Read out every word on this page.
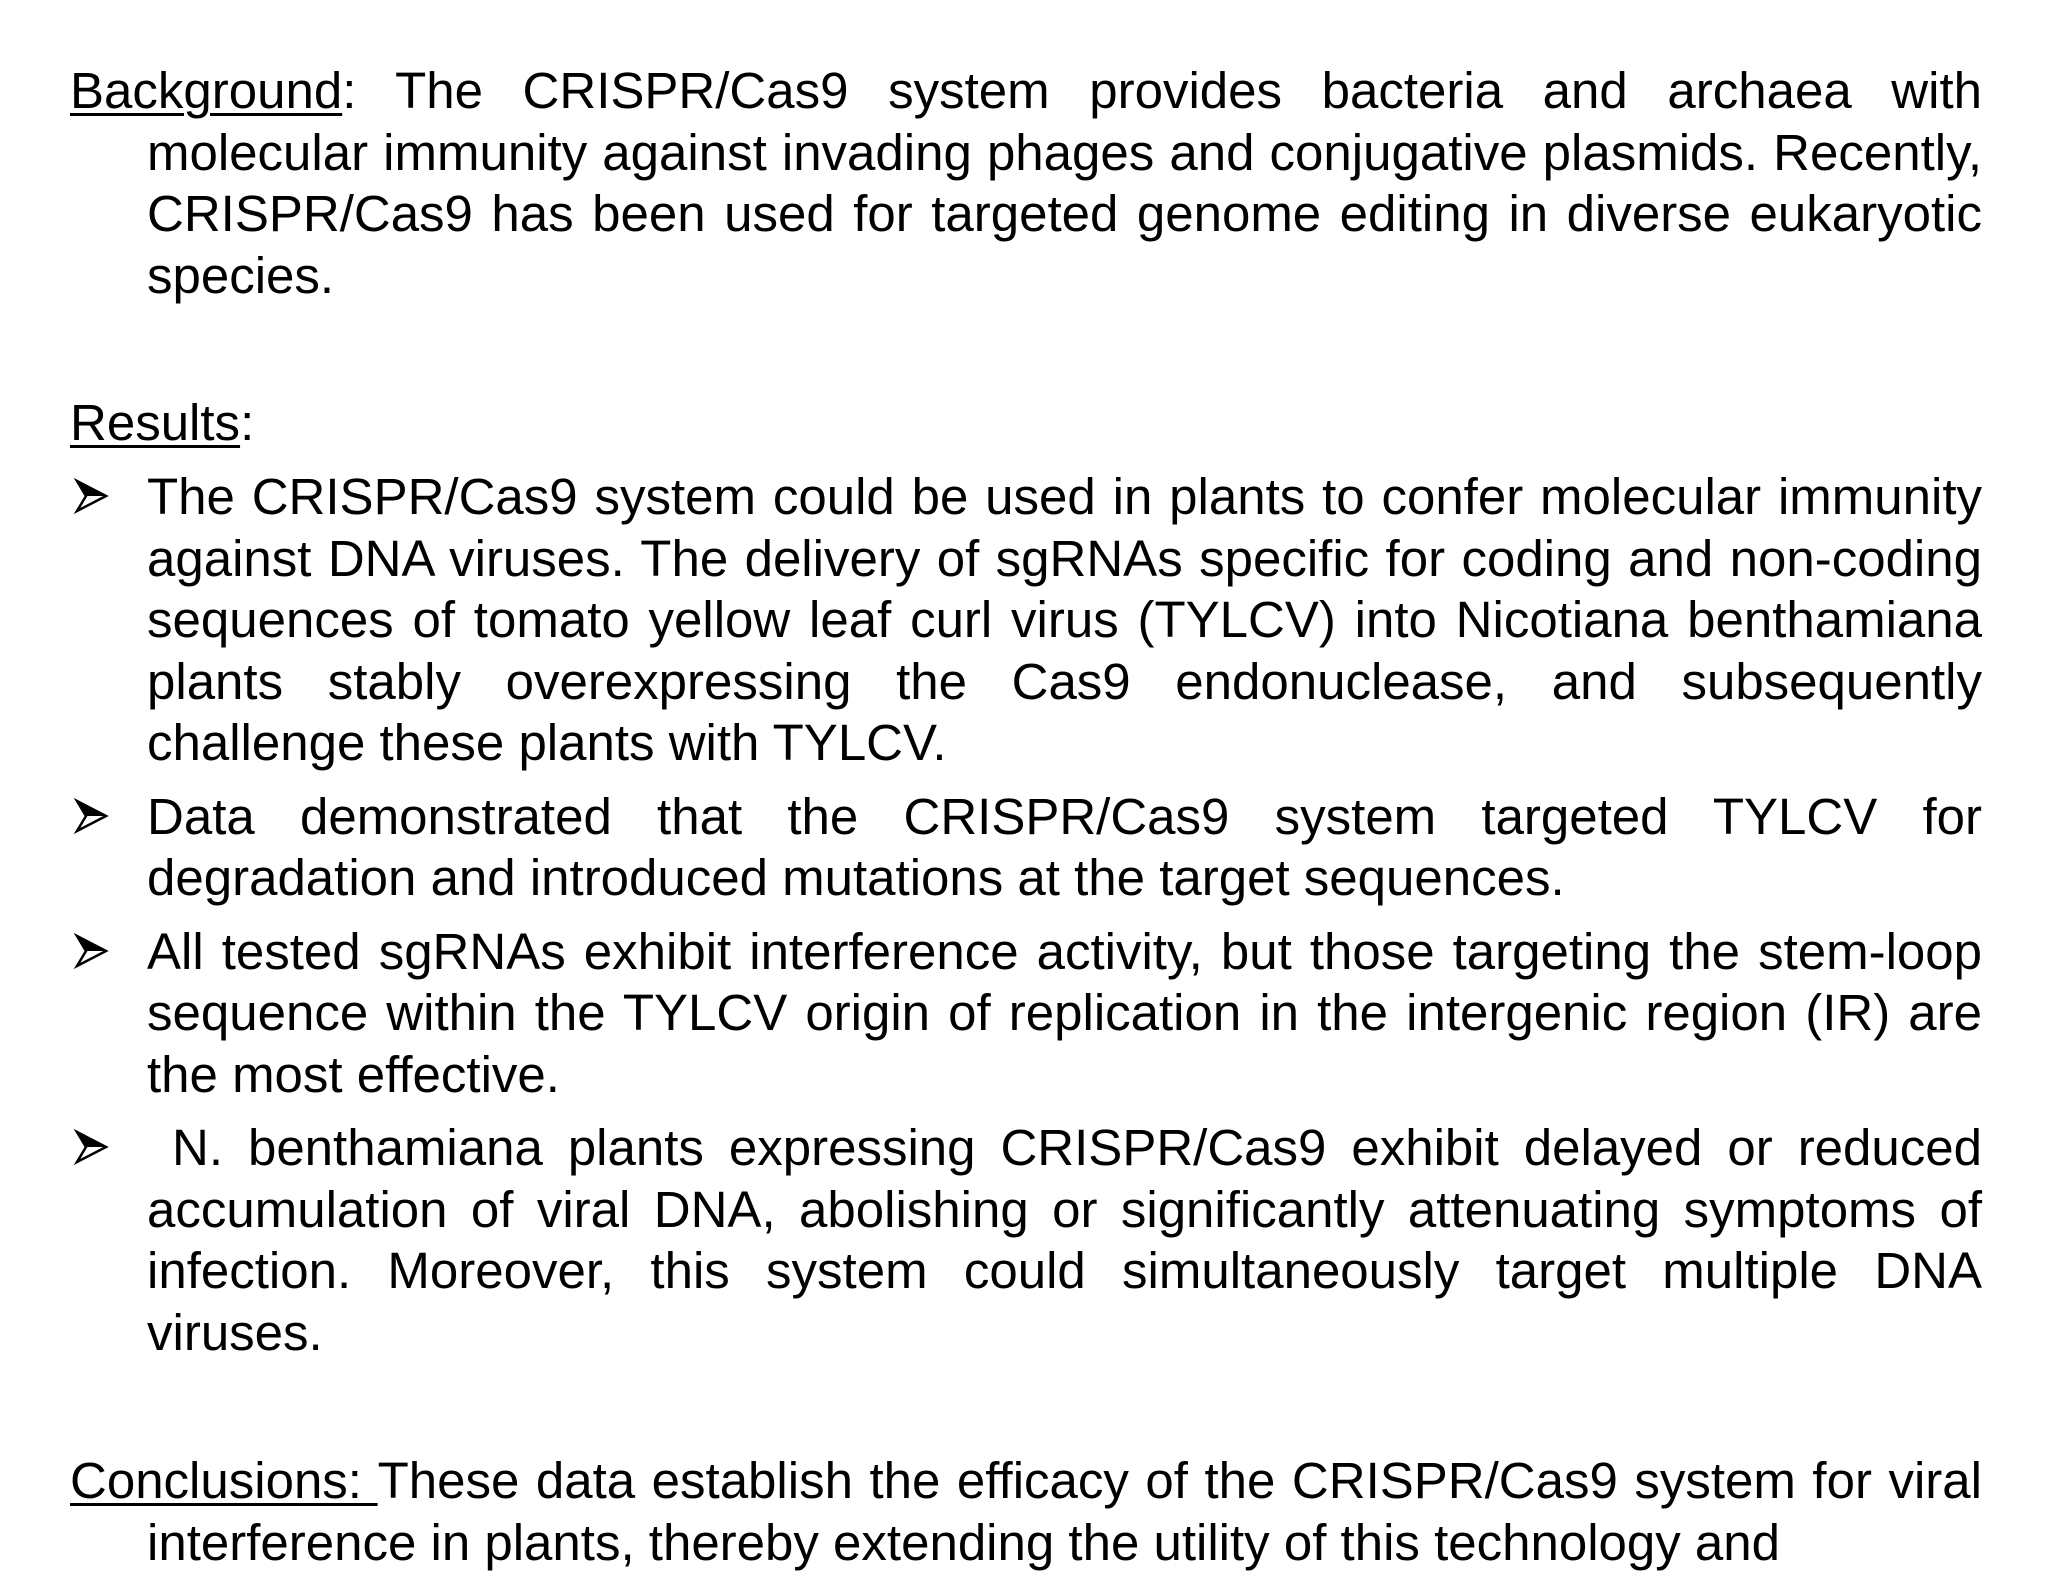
Background: The CRISPR/Cas9 system provides bacteria and archaea with molecular immunity against invading phages and conjugative plasmids. Recently, CRISPR/Cas9 has been used for targeted genome editing in diverse eukaryotic species.

Results:

The CRISPR/Cas9 system could be used in plants to confer molecular immunity against DNA viruses. The delivery of sgRNAs specific for coding and non-coding sequences of tomato yellow leaf curl virus (TYLCV) into Nicotiana benthamiana plants stably overexpressing the Cas9 endonuclease, and subsequently challenge these plants with TYLCV.
Data demonstrated that the CRISPR/Cas9 system targeted TYLCV for degradation and introduced mutations at the target sequences.
All tested sgRNAs exhibit interference activity, but those targeting the stem-loop sequence within the TYLCV origin of replication in the intergenic region (IR) are the most effective.
N. benthamiana plants expressing CRISPR/Cas9 exhibit delayed or reduced accumulation of viral DNA, abolishing or significantly attenuating symptoms of infection. Moreover, this system could simultaneously target multiple DNA viruses.

Conclusions: These data establish the efficacy of the CRISPR/Cas9 system for viral interference in plants, thereby extending the utility of this technology and
